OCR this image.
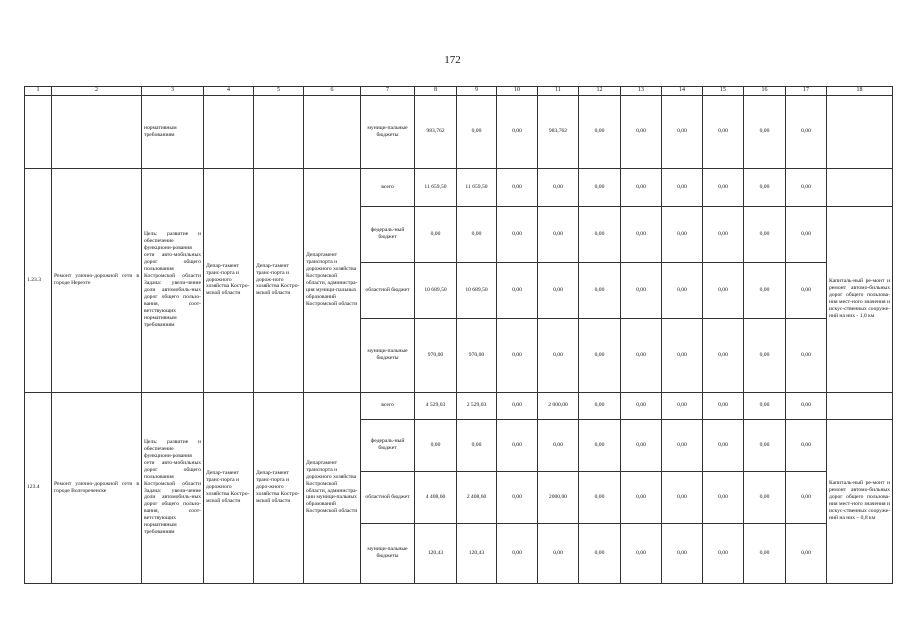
172
1	2	3	4	5	6	7	8	9	10	11	12	13	14	15	16	17	18
		нормативным требованиям				муници-пальные бюджеты	983,762	0,00	0,00	983,762	0,00	0,00	0,00	0,00	0,00	0,00	
1.23.3	Ремонт улично-дорожной сети в городе Нерехте	Цель: развитие и обеспечение функциони-рования сети авто-мобильных дорог общего пользования Костромской области Задача: увели-чение доли автомобиль-ных дорог общего пользо-вания, соот-ветствующих нормативным требованиям	Депар-тамент транс-порта и дорожного хозяйства Костро-мской области	Депар-тамент транс-порта и дорож-ного хозяйства Костро-мской области	Департамент транспорта и дорожного хозяйства Костромской области, администра-ция муници-пальных образований Костромской области	всего	11 659,50	11 659,50	0,00	0,00	0,00	0,00	0,00	0,00	0,00	0,00	
						федераль-ный бюджет	0,00	0,00	0,00	0,00	0,00	0,00	0,00	0,00	0,00	0,00	Капиталь-ный ре-монт и ремонт автомо-бильных дорог общего пользова-ния мест-ного значения и искус-ственных сооруже-ний на них - 1,0 км
						областной бюджет	10 689,50	10 689,50	0,00	0,00	0,00	0,00	0,00	0,00	0,00	0,00	
						муници-пальные бюджеты	970,00	970,00	0,00	0,00	0,00	0,00	0,00	0,00	0,00	0,00	
123.4	Ремонт улично-дорожной сети в городе Волгореченске	Цель: развитие и обеспечение функциони-рования сети авто-мобильных дорог общего пользования Костромской области Задача: увели-чение доли автомобиль-ных дорог общего пользо-вания, соот-ветствующих нормативным требованиям	Депар-тамент транс-порта и дорожного хозяйства Костро-мской области	Депар-тамент транс-порта и доро-жного хозяйства Костро-мской области	Департамент транспорта и дорожного хозяйства Костромской области, администра-ции муници-пальных образований Костромской области	всего	4 529,03	2 529,03	0,00	2 000,00	0,00	0,00	0,00	0,00	0,00	0,00	
						федераль-ный бюджет	0,00	0,00	0,00	0,00	0,00	0,00	0,00	0,00	0,00	0,00	Капиталь-ный ре-монт и ремонт автомо-бильных дорог общего пользова-ния мест-ного значения и искус-ственных сооруже-ний на них – 0,8 км
						областной бюджет	4 408,60	2 408,60	0,00	2000,00	0,00	0,00	0,00	0,00	0,00	0,00	
						муници-пальные бюджеты	120,43	120,43	0,00	0,00	0,00	0,00	0,00	0,00	0,00	0,00	
